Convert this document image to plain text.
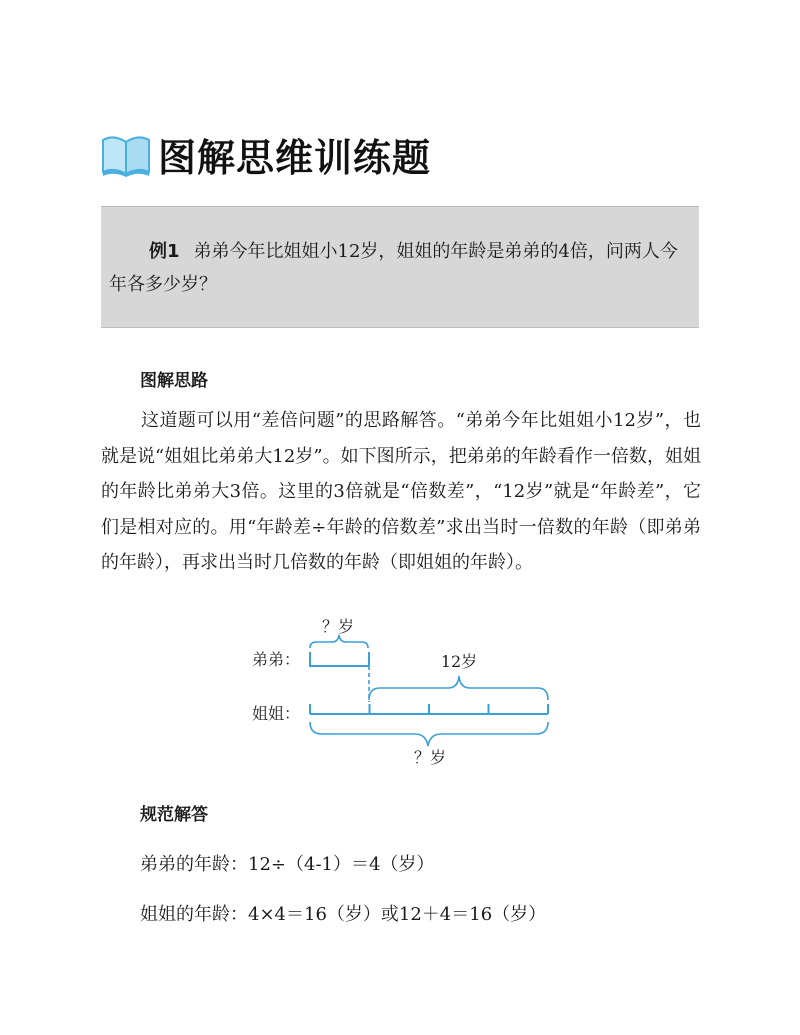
图解思维训练题
例1 弟弟今年比姐姐小12岁，姐姐的年龄是弟弟的4倍，问两人今年各多少岁？
图解思路
这道题可以用“差倍问题”的思路解答。“弟弟今年比姐姐小12岁”，也就是说“姐姐比弟弟大12岁”。如下图所示，把弟弟的年龄看作一倍数，姐姐的年龄比弟弟大3倍。这里的3倍就是“倍数差”，“12岁”就是“年龄差”，它们是相对应的。用“年龄差÷年龄的倍数差”求出当时一倍数的年龄（即弟弟的年龄），再求出当时几倍数的年龄（即姐姐的年龄）。
？岁
弟弟：	12岁
姐姐：
？岁
规范解答
弟弟的年龄：12÷（4-1）＝4（岁）
姐姐的年龄：4×4＝16（岁）或12＋4＝16（岁）
